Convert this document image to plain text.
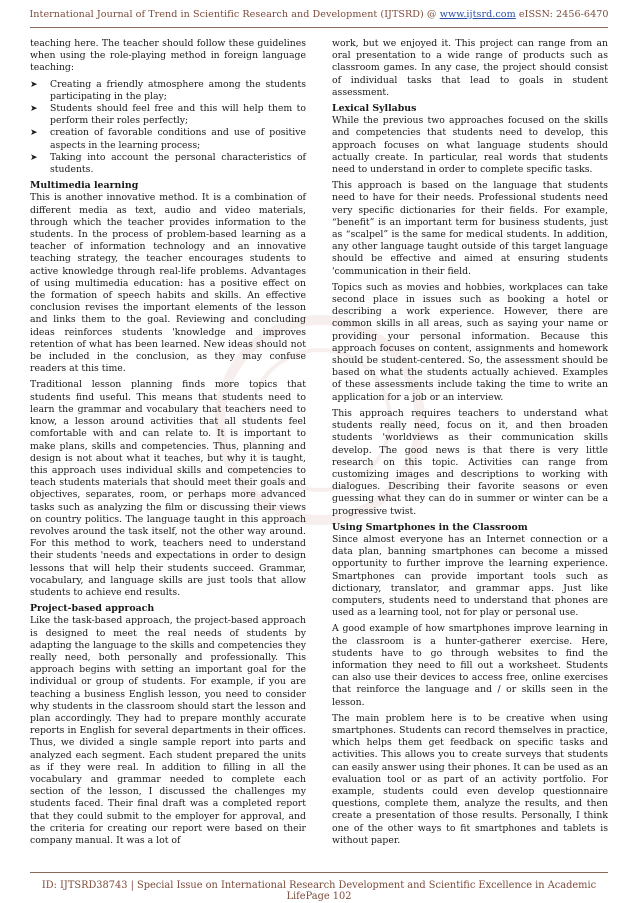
International Journal of Trend in Scientific Research and Development (IJTSRD) @ www.ijtsrd.com eISSN: 2456-6470

teaching here. The teacher should follow these guidelines when using the role-playing method in foreign language teaching:

➤ Creating a friendly atmosphere among the students participating in the play;
➤ Students should feel free and this will help them to perform their roles perfectly;
➤ creation of favorable conditions and use of positive aspects in the learning process;
➤ Taking into account the personal characteristics of students.
Multimedia learning

This is another innovative method. It is a combination of different media as text, audio and video materials, through which the teacher provides information to the students. In the process of problem-based learning as a teacher of information technology and an innovative teaching strategy, the teacher encourages students to active knowledge through real-life problems. Advantages of using multimedia education: has a positive effect on the formation of speech habits and skills. An effective conclusion revises the important elements of the lesson and links them to the goal. Reviewing and concluding ideas reinforces students 'knowledge and improves retention of what has been learned. New ideas should not be included in the conclusion, as they may confuse readers at this time.

Traditional lesson planning finds more topics that students find useful. This means that students need to learn the grammar and vocabulary that teachers need to know, a lesson around activities that all students feel comfortable with and can relate to. It is important to make plans, skills and competencies. Thus, planning and design is not about what it teaches, but why it is taught, this approach uses individual skills and competencies to teach students materials that should meet their goals and objectives, separates, room, or perhaps more advanced tasks such as analyzing the film or discussing their views on country politics. The language taught in this approach revolves around the task itself, not the other way around. For this method to work, teachers need to understand their students 'needs and expectations in order to design lessons that will help their students succeed. Grammar, vocabulary, and language skills are just tools that allow students to achieve end results.

Project-based approach

Like the task-based approach, the project-based approach is designed to meet the real needs of students by adapting the language to the skills and competencies they really need, both personally and professionally. This approach begins with setting an important goal for the individual or group of students. For example, if you are teaching a business English lesson, you need to consider why students in the classroom should start the lesson and plan accordingly. They had to prepare monthly accurate reports in English for several departments in their offices. Thus, we divided a single sample report into parts and analyzed each segment. Each student prepared the units as if they were real. In addition to filling in all the vocabulary and grammar needed to complete each section of the lesson, I discussed the challenges my students faced. Their final draft was a completed report that they could submit to the employer for approval, and the criteria for creating our report were based on their company manual. It was a lot of

work, but we enjoyed it. This project can range from an oral presentation to a wide range of products such as classroom games. In any case, the project should consist of individual tasks that lead to goals in student assessment.

Lexical Syllabus

While the previous two approaches focused on the skills and competencies that students need to develop, this approach focuses on what language students should actually create. In particular, real words that students need to understand in order to complete specific tasks.

This approach is based on the language that students need to have for their needs. Professional students need very specific dictionaries for their fields. For example, “benefit” is an important term for business students, just as “scalpel” is the same for medical students. In addition, any other language taught outside of this target language should be effective and aimed at ensuring students 'communication in their field.

Topics such as movies and hobbies, workplaces can take second place in issues such as booking a hotel or describing a work experience. However, there are common skills in all areas, such as saying your name or providing your personal information. Because this approach focuses on content, assignments and homework should be student-centered. So, the assessment should be based on what the students actually achieved. Examples of these assessments include taking the time to write an application for a job or an interview.

This approach requires teachers to understand what students really need, focus on it, and then broaden students 'worldviews as their communication skills develop. The good news is that there is very little research on this topic. Activities can range from customizing images and descriptions to working with dialogues. Describing their favorite seasons or even guessing what they can do in summer or winter can be a progressive twist.

Using Smartphones in the Classroom

Since almost everyone has an Internet connection or a data plan, banning smartphones can become a missed opportunity to further improve the learning experience. Smartphones can provide important tools such as dictionary, translator, and grammar apps. Just like computers, students need to understand that phones are used as a learning tool, not for play or personal use.

A good example of how smartphones improve learning in the classroom is a hunter-gatherer exercise. Here, students have to go through websites to find the information they need to fill out a worksheet. Students can also use their devices to access free, online exercises that reinforce the language and / or skills seen in the lesson.

The main problem here is to be creative when using smartphones. Students can record themselves in practice, which helps them get feedback on specific tasks and activities. This allows you to create surveys that students can easily answer using their phones. It can be used as an evaluation tool or as part of an activity portfolio. For example, students could even develop questionnaire questions, complete them, analyze the results, and then create a presentation of those results. Personally, I think one of the other ways to fit smartphones and tablets is without paper.

ID: IJTSRD38743 | Special Issue on International Research Development and Scientific Excellence in Academic LifePage 102
